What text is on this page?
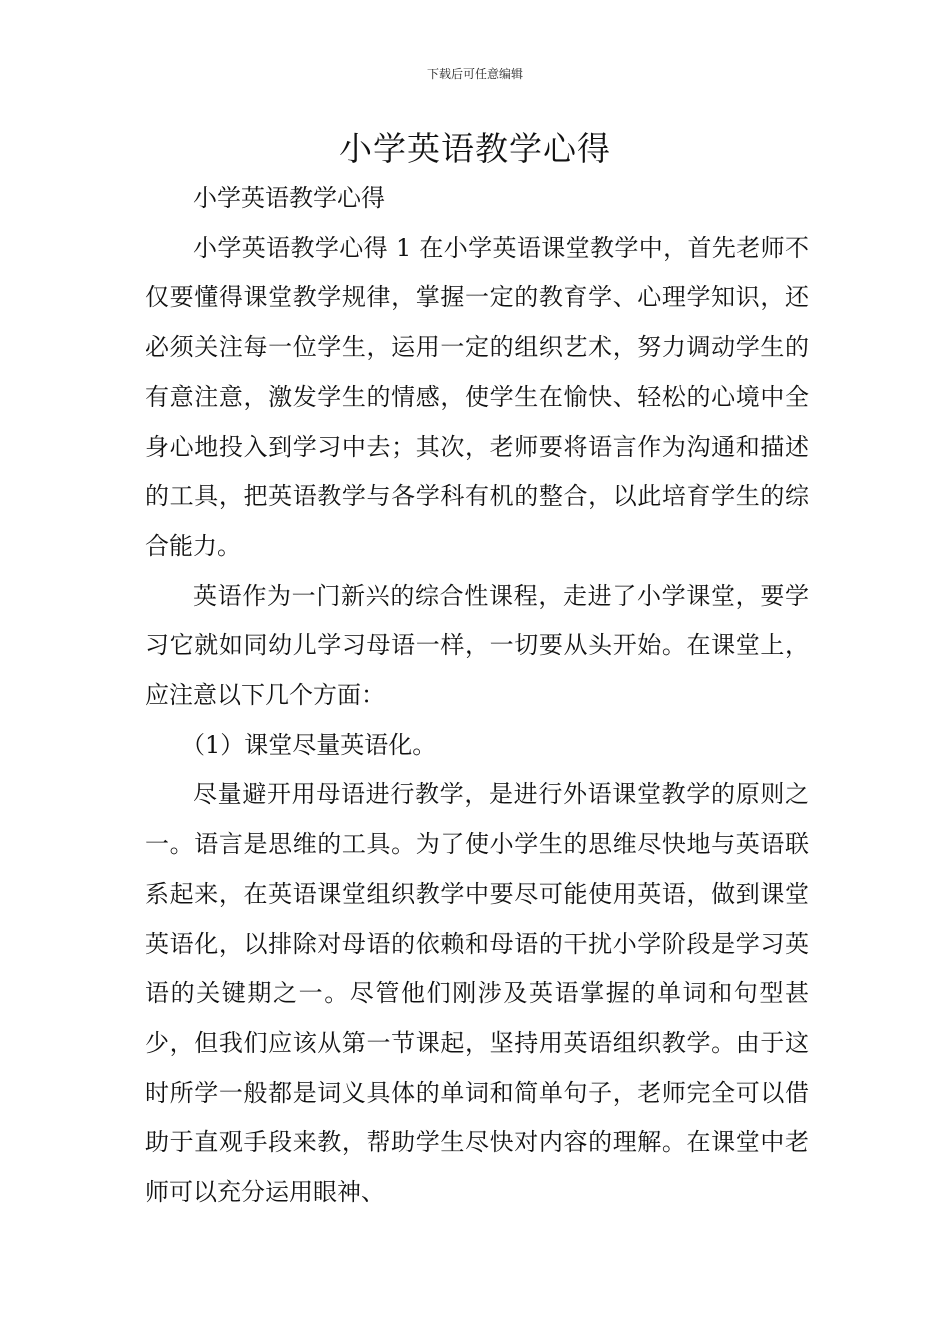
下载后可任意编辑
小学英语教学心得

小学英语教学心得

小学英语教学心得 1 在小学英语课堂教学中，首先老师不仅要懂得课堂教学规律，掌握一定的教育学、心理学知识，还必须关注每一位学生，运用一定的组织艺术，努力调动学生的有意注意，激发学生的情感，使学生在愉快、轻松的心境中全身心地投入到学习中去；其次，老师要将语言作为沟通和描述的工具，把英语教学与各学科有机的整合，以此培育学生的综合能力。

英语作为一门新兴的综合性课程，走进了小学课堂，要学习它就如同幼儿学习母语一样，一切要从头开始。在课堂上，应注意以下几个方面：

（1）课堂尽量英语化。

尽量避开用母语进行教学，是进行外语课堂教学的原则之一。语言是思维的工具。为了使小学生的思维尽快地与英语联系起来，在英语课堂组织教学中要尽可能使用英语，做到课堂英语化，以排除对母语的依赖和母语的干扰小学阶段是学习英语的关键期之一。尽管他们刚涉及英语掌握的单词和句型甚少，但我们应该从第一节课起，坚持用英语组织教学。由于这时所学一般都是词义具体的单词和简单句子，老师完全可以借助于直观手段来教，帮助学生尽快对内容的理解。在课堂中老师可以充分运用眼神、
